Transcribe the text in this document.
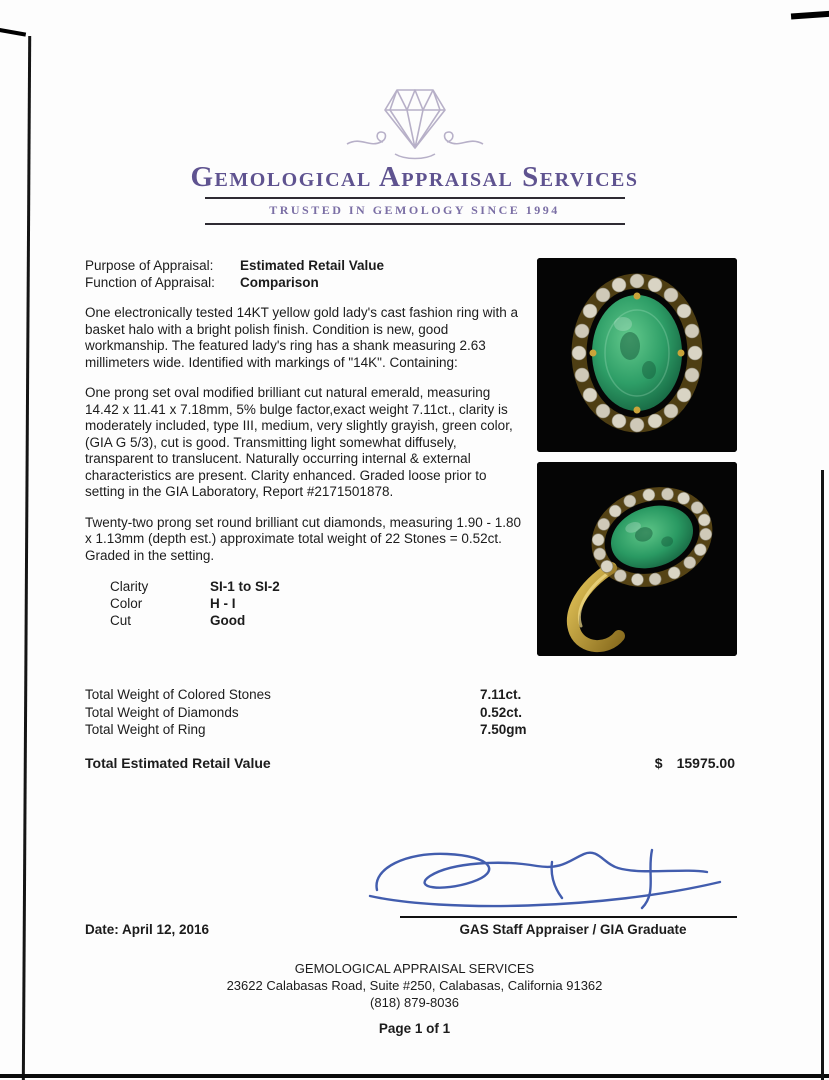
Gemological Appraisal Services
TRUSTED IN GEMOLOGY SINCE 1994
Purpose of Appraisal:	Estimated Retail Value
Function of Appraisal:	Comparison

One electronically tested 14KT yellow gold lady's cast fashion ring with a basket halo with a bright polish finish. Condition is new, good workmanship. The featured lady's ring has a shank measuring 2.63 millimeters wide. Identified with markings of "14K". Containing:

One prong set oval modified brilliant cut natural emerald, measuring 14.42 x 11.41 x 7.18mm, 5% bulge factor,exact weight 7.11ct., clarity is moderately included, type III, medium, very slightly grayish, green color, (GIA G 5/3), cut is good. Transmitting light somewhat diffusely, transparent to translucent. Naturally occurring internal & external characteristics are present. Clarity enhanced. Graded loose prior to setting in the GIA Laboratory, Report #2171501878.

Twenty-two prong set round brilliant cut diamonds, measuring 1.90 - 1.80 x 1.13mm (depth est.) approximate total weight of 22 Stones = 0.52ct. Graded in the setting.

Clarity	SI-1 to SI-2
Color	H - I
Cut	Good
Total Weight of Colored Stones	7.11ct.
Total Weight of Diamonds	0.52ct.
Total Weight of Ring	7.50gm
Total Estimated Retail Value	$ 15975.00
Date: April 12, 2016	GAS Staff Appraiser / GIA Graduate
GEMOLOGICAL APPRAISAL SERVICES
23622 Calabasas Road, Suite #250, Calabasas, California 91362
(818) 879-8036
Page 1 of 1
